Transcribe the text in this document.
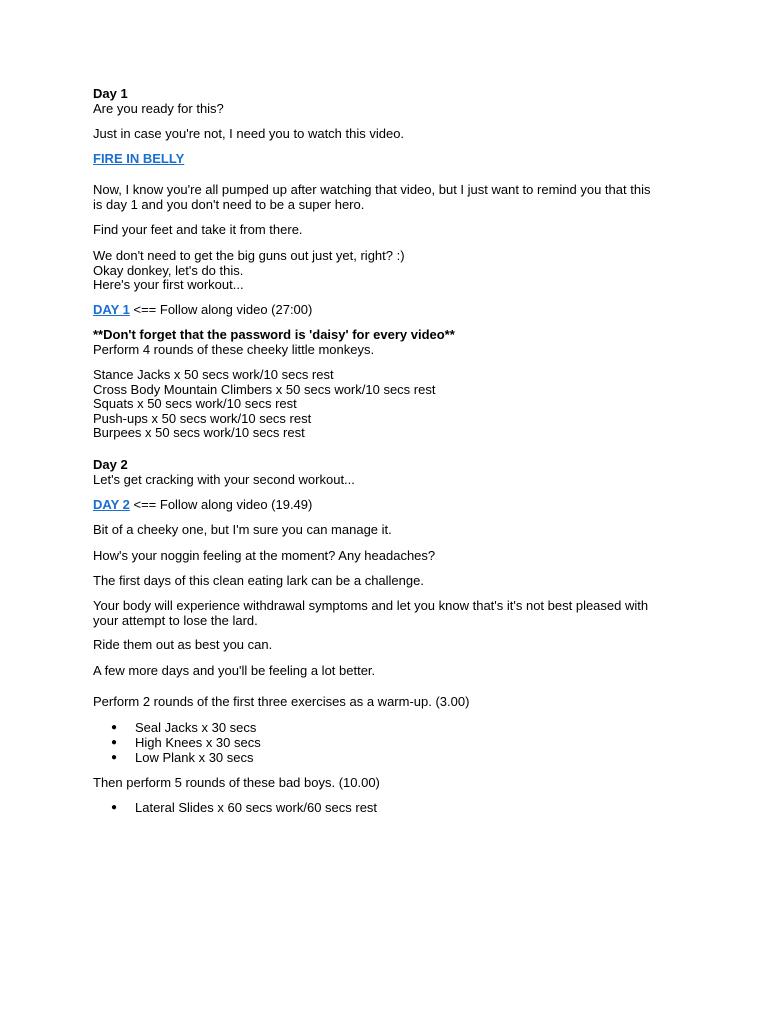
Day 1
Are you ready for this?
Just in case you're not, I need you to watch this video.
FIRE IN BELLY
Now, I know you're all pumped up after watching that video, but I just want to remind you that this
is day 1 and you don't need to be a super hero.
Find your feet and take it from there.
We don't need to get the big guns out just yet, right? :)
Okay donkey, let's do this.
Here's your first workout...
DAY 1 <== Follow along video (27:00)
**Don't forget that the password is 'daisy' for every video**
Perform 4 rounds of these cheeky little monkeys.
Stance Jacks x 50 secs work/10 secs rest
Cross Body Mountain Climbers x 50 secs work/10 secs rest
Squats x 50 secs work/10 secs rest
Push-ups x 50 secs work/10 secs rest
Burpees x 50 secs work/10 secs rest
Day 2
Let's get cracking with your second workout...
DAY 2 <== Follow along video (19.49)
Bit of a cheeky one, but I'm sure you can manage it.
How's your noggin feeling at the moment? Any headaches?
The first days of this clean eating lark can be a challenge.
Your body will experience withdrawal symptoms and let you know that's it's not best pleased with
your attempt to lose the lard.
Ride them out as best you can.
A few more days and you'll be feeling a lot better.
Perform 2 rounds of the first three exercises as a warm-up. (3.00)
● Seal Jacks x 30 secs
● High Knees x 30 secs
● Low Plank x 30 secs
Then perform 5 rounds of these bad boys. (10.00)
● Lateral Slides x 60 secs work/60 secs rest
